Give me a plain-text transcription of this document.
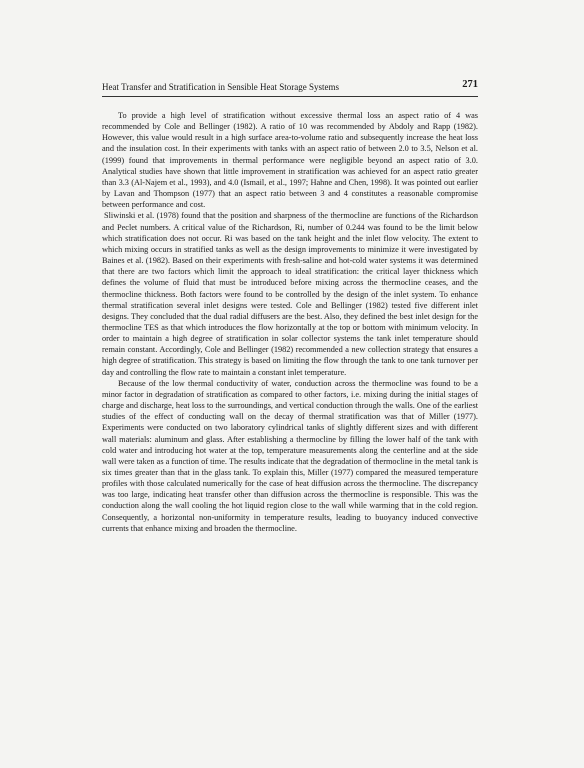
Heat Transfer and Stratification in Sensible Heat Storage Systems	271

To provide a high level of stratification without excessive thermal loss an aspect ratio of 4 was recommended by Cole and Bellinger (1982). A ratio of 10 was recommended by Abdoly and Rapp (1982). However, this value would result in a high surface area-to-volume ratio and subsequently increase the heat loss and the insulation cost. In their experiments with tanks with an aspect ratio of between 2.0 to 3.5, Nelson et al. (1999) found that improvements in thermal performance were negligible beyond an aspect ratio of 3.0. Analytical studies have shown that little improvement in stratification was achieved for an aspect ratio greater than 3.3 (Al-Najem et al., 1993), and 4.0 (Ismail, et al., 1997; Hahne and Chen, 1998). It was pointed out earlier by Lavan and Thompson (1977) that an aspect ratio between 3 and 4 constitutes a reasonable compromise between performance and cost.

Sliwinski et al. (1978) found that the position and sharpness of the thermocline are functions of the Richardson and Peclet numbers. A critical value of the Richardson, Ri, number of 0.244 was found to be the limit below which stratification does not occur. Ri was based on the tank height and the inlet flow velocity. The extent to which mixing occurs in stratified tanks as well as the design improvements to minimize it were investigated by Baines et al. (1982). Based on their experiments with fresh-saline and hot-cold water systems it was determined that there are two factors which limit the approach to ideal stratification: the critical layer thickness which defines the volume of fluid that must be introduced before mixing across the thermocline ceases, and the thermocline thickness. Both factors were found to be controlled by the design of the inlet system. To enhance thermal stratification several inlet designs were tested. Cole and Bellinger (1982) tested five different inlet designs. They concluded that the dual radial diffusers are the best. Also, they defined the best inlet design for the thermocline TES as that which introduces the flow horizontally at the top or bottom with minimum velocity. In order to maintain a high degree of stratification in solar collector systems the tank inlet temperature should remain constant. Accordingly, Cole and Bellinger (1982) recommended a new collection strategy that ensures a high degree of stratification. This strategy is based on limiting the flow through the tank to one tank turnover per day and controlling the flow rate to maintain a constant inlet temperature.

Because of the low thermal conductivity of water, conduction across the thermocline was found to be a minor factor in degradation of stratification as compared to other factors, i.e. mixing during the initial stages of charge and discharge, heat loss to the surroundings, and vertical conduction through the walls. One of the earliest studies of the effect of conducting wall on the decay of thermal stratification was that of Miller (1977). Experiments were conducted on two laboratory cylindrical tanks of slightly different sizes and with different wall materials: aluminum and glass. After establishing a thermocline by filling the lower half of the tank with cold water and introducing hot water at the top, temperature measurements along the centerline and at the side wall were taken as a function of time. The results indicate that the degradation of thermocline in the metal tank is six times greater than that in the glass tank. To explain this, Miller (1977) compared the measured temperature profiles with those calculated numerically for the case of heat diffusion across the thermocline. The discrepancy was too large, indicating heat transfer other than diffusion across the thermocline is responsible. This was the conduction along the wall cooling the hot liquid region close to the wall while warming that in the cold region. Consequently, a horizontal non-uniformity in temperature results, leading to buoyancy induced convective currents that enhance mixing and broaden the thermocline.
